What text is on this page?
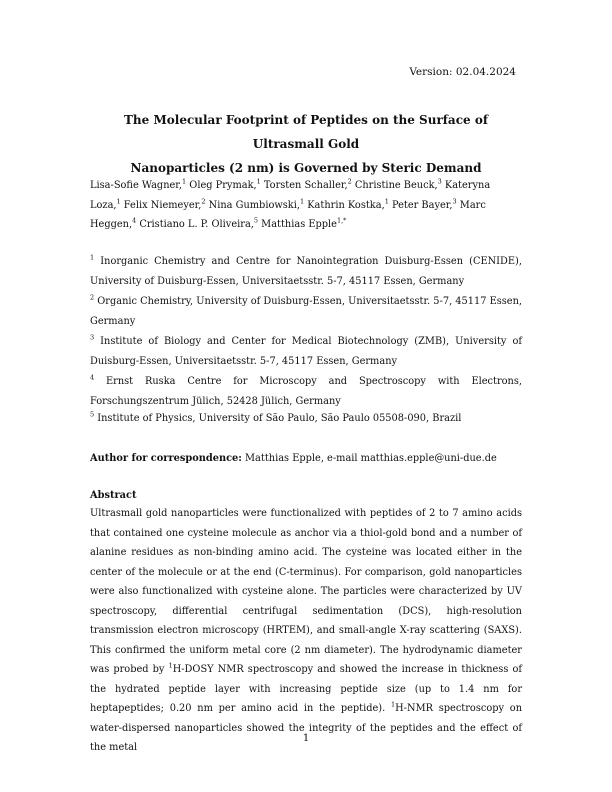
Version: 02.04.2024
The Molecular Footprint of Peptides on the Surface of Ultrasmall Gold
Nanoparticles (2 nm) is Governed by Steric Demand
Lisa-Sofie Wagner,$^1$ Oleg Prymak,$^1$ Torsten Schaller,$^2$ Christine Beuck,$^3$ Kateryna Loza,$^1$ Felix Niemeyer,$^2$ Nina Gumbiowski,$^1$ Kathrin Kostka,$^1$ Peter Bayer,$^3$ Marc Heggen,$^4$ Cristiano L. P. Oliveira,$^5$ Matthias Epple$^{1,*}$
$^1$ Inorganic Chemistry and Centre for Nanointegration Duisburg-Essen (CENIDE), University of Duisburg-Essen, Universitaetsstr. 5-7, 45117 Essen, Germany
$^2$ Organic Chemistry, University of Duisburg-Essen, Universitaetsstr. 5-7, 45117 Essen, Germany
$^3$ Institute of Biology and Center for Medical Biotechnology (ZMB), University of Duisburg-Essen, Universitaetsstr. 5-7, 45117 Essen, Germany
$^4$ Ernst Ruska Centre for Microscopy and Spectroscopy with Electrons, Forschungszentrum Jülich, 52428 Jülich, Germany
$^5$ Institute of Physics, University of São Paulo, São Paulo 05508-090, Brazil
Author for correspondence: Matthias Epple, e-mail matthias.epple@uni-due.de
Abstract
Ultrasmall gold nanoparticles were functionalized with peptides of 2 to 7 amino acids that contained one cysteine molecule as anchor via a thiol-gold bond and a number of alanine residues as non-binding amino acid. The cysteine was located either in the center of the molecule or at the end (C-terminus). For comparison, gold nanoparticles were also functionalized with cysteine alone. The particles were characterized by UV spectroscopy, differential centrifugal sedimentation (DCS), high-resolution transmission electron microscopy (HRTEM), and small-angle X-ray scattering (SAXS). This confirmed the uniform metal core (2 nm diameter). The hydrodynamic diameter was probed by $^1$H-DOSY NMR spectroscopy and showed the increase in thickness of the hydrated peptide layer with increasing peptide size (up to 1.4 nm for heptapeptides; 0.20 nm per amino acid in the peptide). $^1$H-NMR spectroscopy on water-dispersed nanoparticles showed the integrity of the peptides and the effect of the metal
1
